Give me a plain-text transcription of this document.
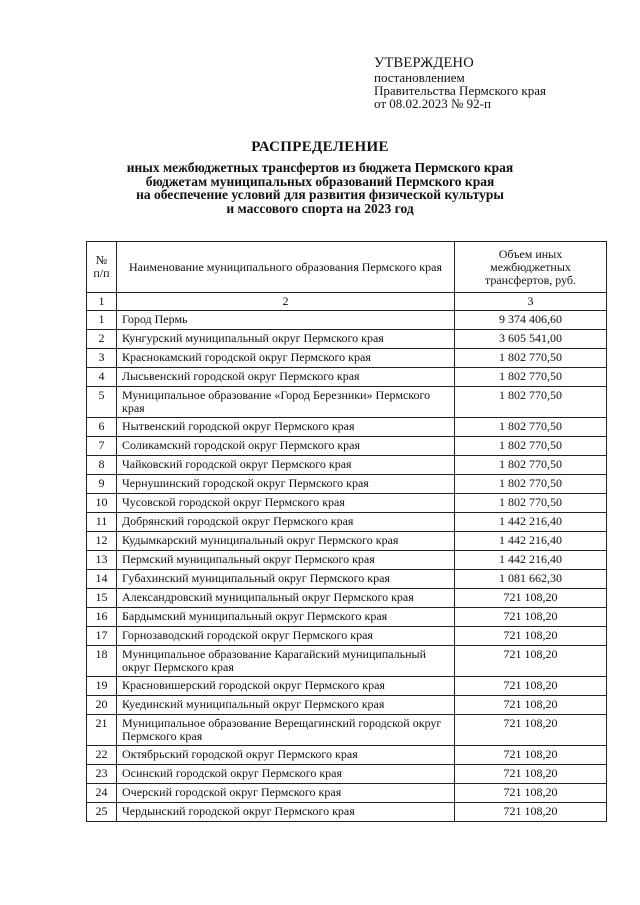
УТВЕРЖДЕНО
постановлением
Правительства Пермского края
от 08.02.2023 № 92-п
РАСПРЕДЕЛЕНИЕ
иных межбюджетных трансфертов из бюджета Пермского края
бюджетам муниципальных образований Пермского края
на обеспечение условий для развития физической культуры
и массового спорта на 2023 год
№ п/п	Наименование муниципального образования Пермского края	Объем иных межбюджетных трансфертов, руб.
1	2	3
1	Город Пермь	9 374 406,60
2	Кунгурский муниципальный округ Пермского края	3 605 541,00
3	Краснокамский городской округ Пермского края	1 802 770,50
4	Лысьвенский городской округ Пермского края	1 802 770,50
5	Муниципальное образование «Город Березники» Пермского края	1 802 770,50
6	Нытвенский городской округ Пермского края	1 802 770,50
7	Соликамский городской округ Пермского края	1 802 770,50
8	Чайковский городской округ Пермского края	1 802 770,50
9	Чернушинский городской округ Пермского края	1 802 770,50
10	Чусовской городской округ Пермского края	1 802 770,50
11	Добрянский городской округ Пермского края	1 442 216,40
12	Кудымкарский муниципальный округ Пермского края	1 442 216,40
13	Пермский муниципальный округ Пермского края	1 442 216,40
14	Губахинский муниципальный округ Пермского края	1 081 662,30
15	Александровский муниципальный округ Пермского края	721 108,20
16	Бардымский муниципальный округ Пермского края	721 108,20
17	Горнозаводский городской округ Пермского края	721 108,20
18	Муниципальное образование Карагайский муниципальный округ Пермского края	721 108,20
19	Красновишерский городской округ Пермского края	721 108,20
20	Куединский муниципальный округ Пермского края	721 108,20
21	Муниципальное образование Верещагинский городской округ Пермского края	721 108,20
22	Октябрьский городской округ Пермского края	721 108,20
23	Осинский городской округ Пермского края	721 108,20
24	Очерский городской округ Пермского края	721 108,20
25	Чердынский городской округ Пермского края	721 108,20
